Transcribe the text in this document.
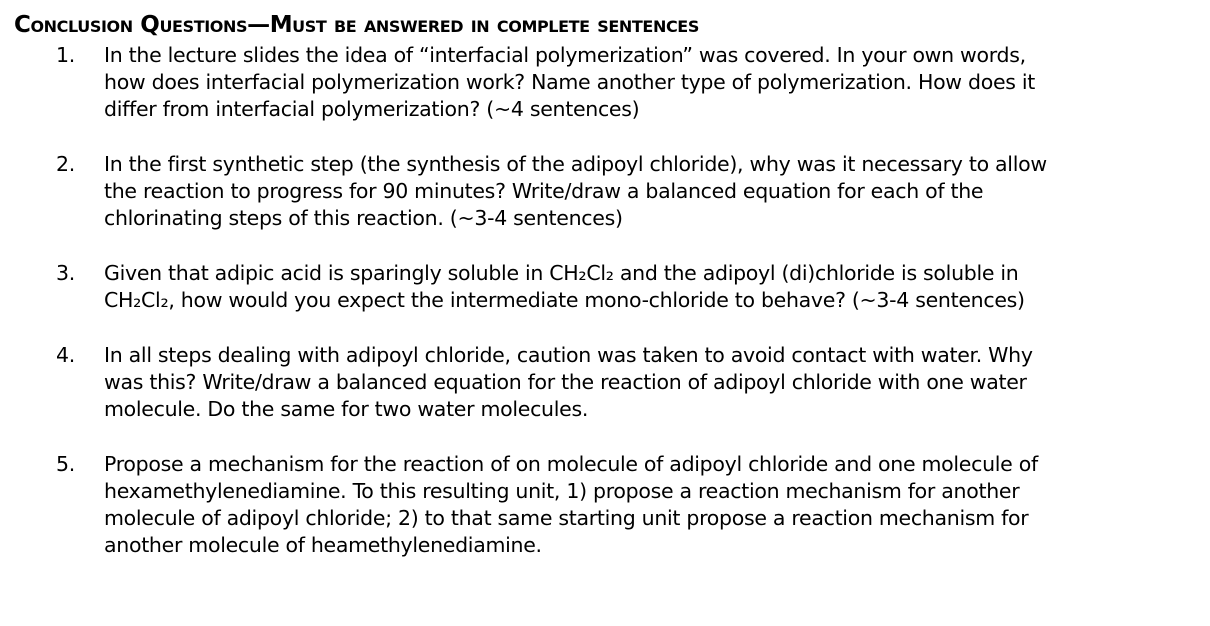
Conclusion Questions—Must be answered in complete sentences
1. In the lecture slides the idea of “interfacial polymerization” was covered. In your own words,
how does interfacial polymerization work? Name another type of polymerization. How does it
differ from interfacial polymerization? (~4 sentences)
2. In the first synthetic step (the synthesis of the adipoyl chloride), why was it necessary to allow
the reaction to progress for 90 minutes? Write/draw a balanced equation for each of the
chlorinating steps of this reaction. (~3-4 sentences)
3. Given that adipic acid is sparingly soluble in CH₂Cl₂ and the adipoyl (di)chloride is soluble in
CH₂Cl₂, how would you expect the intermediate mono-chloride to behave? (~3-4 sentences)
4. In all steps dealing with adipoyl chloride, caution was taken to avoid contact with water. Why
was this? Write/draw a balanced equation for the reaction of adipoyl chloride with one water
molecule. Do the same for two water molecules.
5. Propose a mechanism for the reaction of on molecule of adipoyl chloride and one molecule of
hexamethylenediamine. To this resulting unit, 1) propose a reaction mechanism for another
molecule of adipoyl chloride; 2) to that same starting unit propose a reaction mechanism for
another molecule of heamethylenediamine.
